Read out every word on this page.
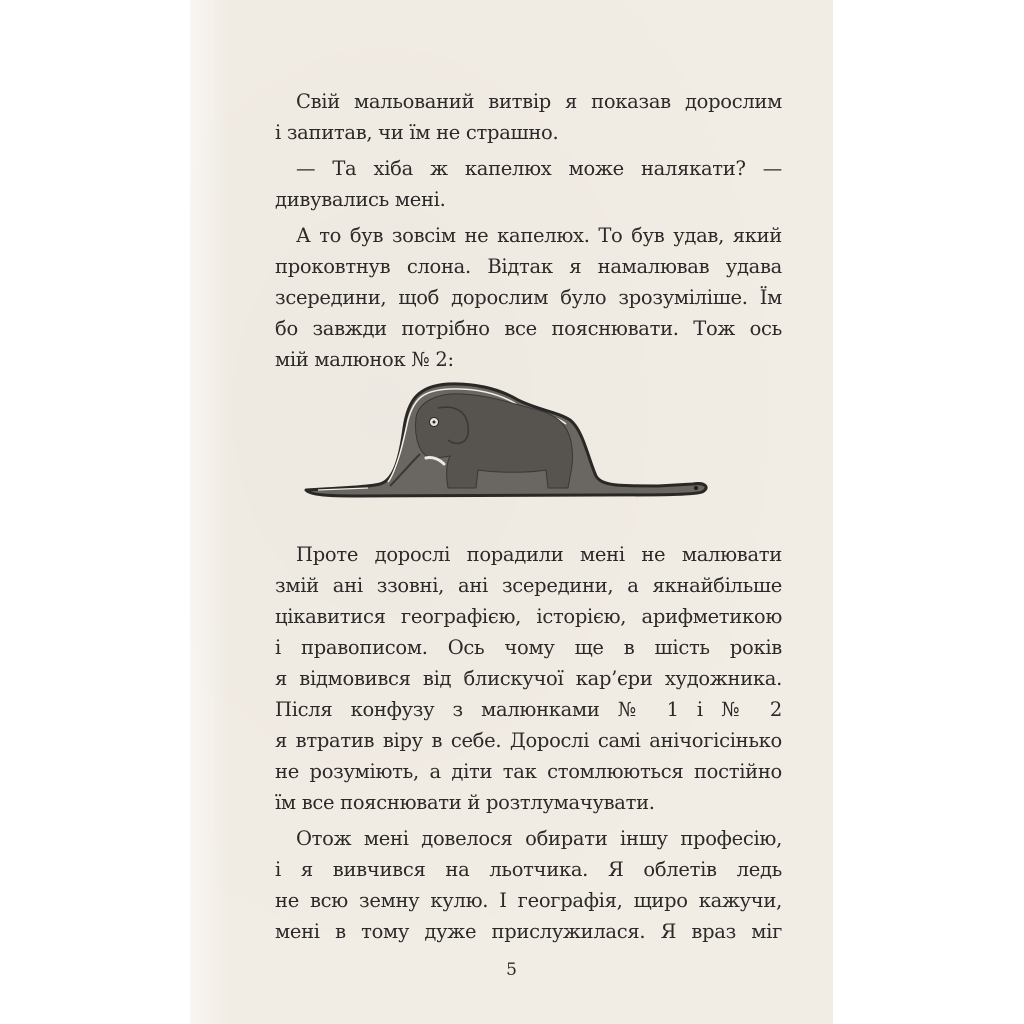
Свій мальований витвір я показав дорослим
і запитав, чи їм не страшно.
— Та хіба ж капелюх може налякати? —
дивувались мені.
А то був зовсім не капелюх. То був удав, який
проковтнув слона. Відтак я намалював удава
зсередини, щоб дорослим було зрозуміліше. Їм
бо завжди потрібно все пояснювати. Тож ось
мій малюнок № 2:
Проте дорослі порадили мені не малювати
змій ані ззовні, ані зсередини, а якнайбільше
цікавитися географією, історією, арифметикою
і правописом. Ось чому ще в шість років
я відмовився від блискучої кар’єри художника.
Після конфузу з малюнками № 1 і № 2
я втратив віру в себе. Дорослі самі анічогісінько
не розуміють, а діти так стомлюються постійно
їм все пояснювати й розтлумачувати.
Отож мені довелося обирати іншу професію,
і я вивчився на льотчика. Я облетів ледь
не всю земну кулю. І географія, щиро кажучи,
мені в тому дуже прислужилася. Я враз міг
5
